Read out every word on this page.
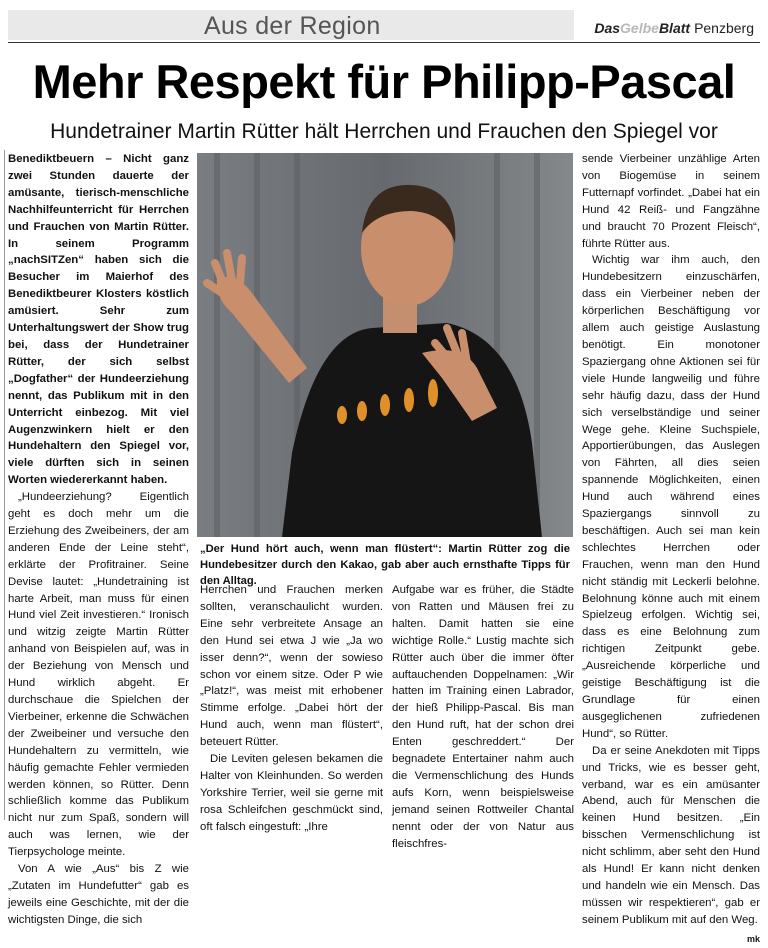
Aus der Region	DasGelbeBlatt Penzberg
Mehr Respekt für Philipp-Pascal
Hundetrainer Martin Rütter hält Herrchen und Frauchen den Spiegel vor

Benediktbeuern – Nicht ganz zwei Stunden dauerte der amüsante, tierisch-menschliche Nachhilfeunterricht für Herrchen und Frauchen von Martin Rütter. In seinem Programm „nachSITZen“ haben sich die Besucher im Maierhof des Benediktbeurer Klosters köstlich amüsiert. Sehr zum Unterhaltungswert der Show trug bei, dass der Hundetrainer Rütter, der sich selbst „Dogfather“ der Hundeerziehung nennt, das Publikum mit in den Unterricht einbezog. Mit viel Augenzwinkern hielt er den Hundehaltern den Spiegel vor, viele dürften sich in seinen Worten wiedererkannt haben.

„Hundeerziehung? Eigentlich geht es doch mehr um die Erziehung des Zweibeiners, der am anderen Ende der Leine steht“, erklärte der Profitrainer. Seine Devise lautet: „Hundetraining ist harte Arbeit, man muss für einen Hund viel Zeit investieren.“ Ironisch und witzig zeigte Martin Rütter anhand von Beispielen auf, was in der Beziehung von Mensch und Hund wirklich abgeht. Er durchschaue die Spielchen der Vierbeiner, erkenne die Schwächen der Zweibeiner und versuche den Hundehaltern zu vermitteln, wie häufig gemachte Fehler vermieden werden können, so Rütter. Denn schließlich komme das Publikum nicht nur zum Spaß, sondern will auch was lernen, wie der Tierpsychologe meinte.

Von A wie „Aus“ bis Z wie „Zutaten im Hundefutter“ gab es jeweils eine Geschichte, mit der die wichtigsten Dinge, die sich

„Der Hund hört auch, wenn man flüstert“: Martin Rütter zog die Hundebesitzer durch den Kakao, gab aber auch ernsthafte Tipps für den Alltag.

Herrchen und Frauchen merken sollten, veranschaulicht wurden. Eine sehr verbreitete Ansage an den Hund sei etwa J wie „Ja wo isser denn?“, wenn der sowieso schon vor einem sitze. Oder P wie „Platz!“, was meist mit erhobener Stimme erfolge. „Dabei hört der Hund auch, wenn man flüstert“, beteuert Rütter.

Die Leviten gelesen bekamen die Halter von Kleinhunden. So werden Yorkshire Terrier, weil sie gerne mit rosa Schleifchen geschmückt sind, oft falsch eingestuft: „Ihre

Aufgabe war es früher, die Städte von Ratten und Mäusen frei zu halten. Damit hatten sie eine wichtige Rolle.“ Lustig machte sich Rütter auch über die immer öfter auftauchenden Doppelnamen: „Wir hatten im Training einen Labrador, der hieß Philipp-Pascal. Bis man den Hund ruft, hat der schon drei Enten geschreddert.“ Der begnadete Entertainer nahm auch die Vermenschlichung des Hunds aufs Korn, wenn beispielsweise jemand seinen Rottweiler Chantal nennt oder der von Natur aus fleischfres-

sende Vierbeiner unzählige Arten von Biogemüse in seinem Futternapf vorfindet. „Dabei hat ein Hund 42 Reiß- und Fangzähne und braucht 70 Prozent Fleisch“, führte Rütter aus.

Wichtig war ihm auch, den Hundebesitzern einzuschärfen, dass ein Vierbeiner neben der körperlichen Beschäftigung vor allem auch geistige Auslastung benötigt. Ein monotoner Spaziergang ohne Aktionen sei für viele Hunde langweilig und führe sehr häufig dazu, dass der Hund sich verselbständige und seiner Wege gehe. Kleine Suchspiele, Apportierübungen, das Auslegen von Fährten, all dies seien spannende Möglichkeiten, einen Hund auch während eines Spaziergangs sinnvoll zu beschäftigen. Auch sei man kein schlechtes Herrchen oder Frauchen, wenn man den Hund nicht ständig mit Leckerli belohne. Belohnung könne auch mit einem Spielzeug erfolgen. Wichtig sei, dass es eine Belohnung zum richtigen Zeitpunkt gebe. „Ausreichende körperliche und geistige Beschäftigung ist die Grundlage für einen ausgeglichenen zufriedenen Hund“, so Rütter.

Da er seine Anekdoten mit Tipps und Tricks, wie es besser geht, verband, war es ein amüsanter Abend, auch für Menschen die keinen Hund besitzen. „Ein bisschen Vermenschlichung ist nicht schlimm, aber seht den Hund als Hund! Er kann nicht denken und handeln wie ein Mensch. Das müssen wir respektieren“, gab er seinem Publikum mit auf den Weg.

mk
